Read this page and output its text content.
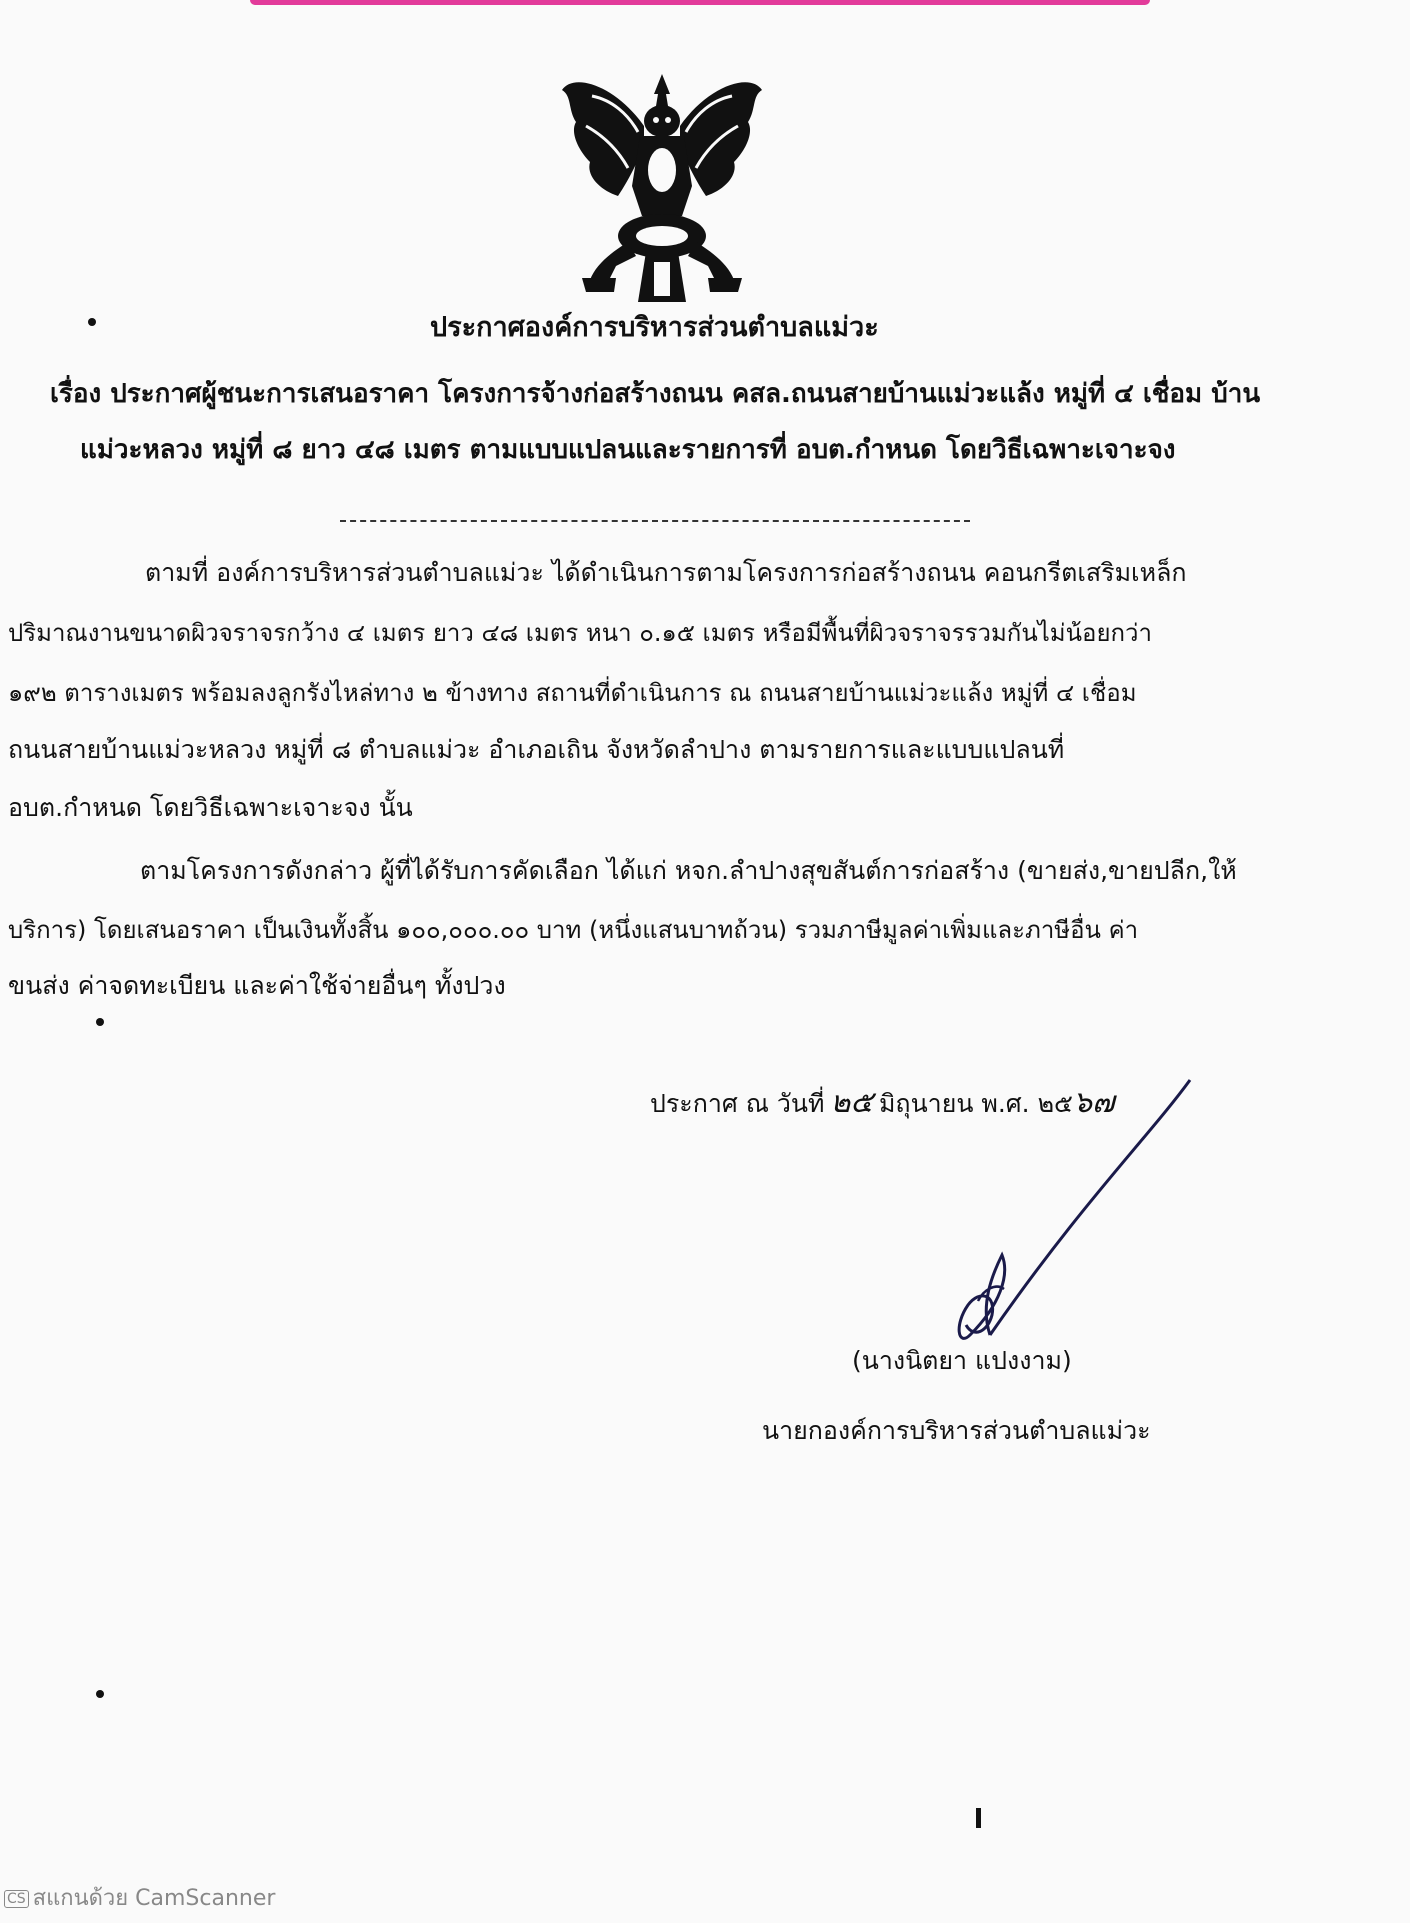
ประกาศองค์การบริหารส่วนตำบลแม่วะ
เรื่อง ประกาศผู้ชนะการเสนอราคา โครงการจ้างก่อสร้างถนน คสล.ถนนสายบ้านแม่วะแล้ง หมู่ที่ ๔ เชื่อม บ้าน
แม่วะหลวง หมู่ที่ ๘ ยาว ๔๘ เมตร ตามแบบแปลนและรายการที่ อบต.กำหนด โดยวิธีเฉพาะเจาะจง
ตามที่ องค์การบริหารส่วนตำบลแม่วะ ได้ดำเนินการตามโครงการก่อสร้างถนน คอนกรีตเสริมเหล็ก
ปริมาณงานขนาดผิวจราจรกว้าง ๔ เมตร ยาว ๔๘ เมตร หนา ๐.๑๕ เมตร หรือมีพื้นที่ผิวจราจรรวมกันไม่น้อยกว่า
๑๙๒ ตารางเมตร พร้อมลงลูกรังไหล่ทาง ๒ ข้างทาง สถานที่ดำเนินการ ณ ถนนสายบ้านแม่วะแล้ง หมู่ที่ ๔ เชื่อม
ถนนสายบ้านแม่วะหลวง หมู่ที่ ๘ ตำบลแม่วะ อำเภอเถิน จังหวัดลำปาง ตามรายการและแบบแปลนที่
อบต.กำหนด โดยวิธีเฉพาะเจาะจง นั้น
ตามโครงการดังกล่าว ผู้ที่ได้รับการคัดเลือก ได้แก่ หจก.ลำปางสุขสันต์การก่อสร้าง (ขายส่ง,ขายปลีก,ให้
บริการ) โดยเสนอราคา เป็นเงินทั้งสิ้น ๑๐๐,๐๐๐.๐๐ บาท (หนึ่งแสนบาทถ้วน) รวมภาษีมูลค่าเพิ่มและภาษีอื่น ค่า
ขนส่ง ค่าจดทะเบียน และค่าใช้จ่ายอื่นๆ ทั้งปวง
ประกาศ ณ วันที่ ๒๕ มิถุนายน พ.ศ. ๒๕๖๗
(นางนิตยา แปงงาม)
นายกองค์การบริหารส่วนตำบลแม่วะ
CS สแกนด้วย CamScanner
